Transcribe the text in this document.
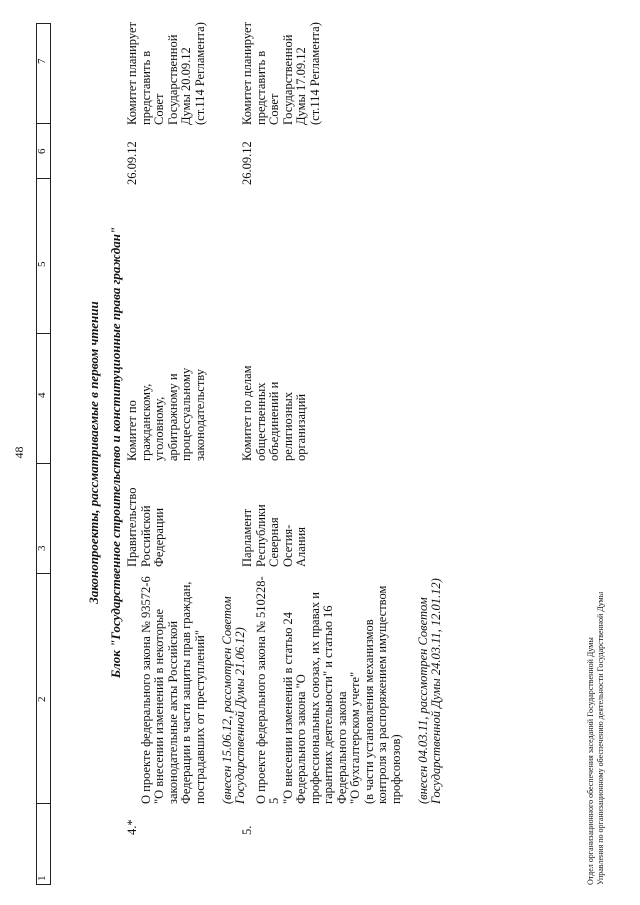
48
1
2
3
4
5
6
7
Законопроекты, рассматриваемые в первом чтении Блок "Государственное строительство и конституционные права граждан"
4.*

О проекте федерального закона № 93572-6
"О внесении изменений в некоторые законодательные акты Российской Федерации в части защиты прав граждан, пострадавших от преступлений" (внесен 15.06.12, рассмотрен Советом Государственной Думы 21.06.12)

Правительство
Российской
Федерации
Комитет по
гражданскому,
уголовному,
арбитражному и
процессуальному
законодательству
26.09.12
Комитет планирует
представить в
Совет
Государственной
Думы 20.09.12
(ст.114 Регламента)
5.

О проекте федерального закона № 510228-5
"О внесении изменений в статью 24 Федерального закона "О профессиональных союзах, их правах и гарантиях деятельности" и статью 16 Федерального закона
"О бухгалтерском учете"
(в части установления механизмов контроля за распоряжением имуществом профсоюзов) (внесен 04.03.11, рассмотрен Советом Государственной Думы 24.03.11, 12.01.12)

Парламент
Республики
Северная Осетия-
Алания
Комитет по делам
общественных
объединений и
религиозных
организаций
26.09.12
Комитет планирует
представить в
Совет
Государственной
Думы 17.09.12
(ст.114 Регламента)
Отдел организационного обеспечения заседаний Государственной Думы Управления по организационному обеспечению деятельности Государственной Думы
